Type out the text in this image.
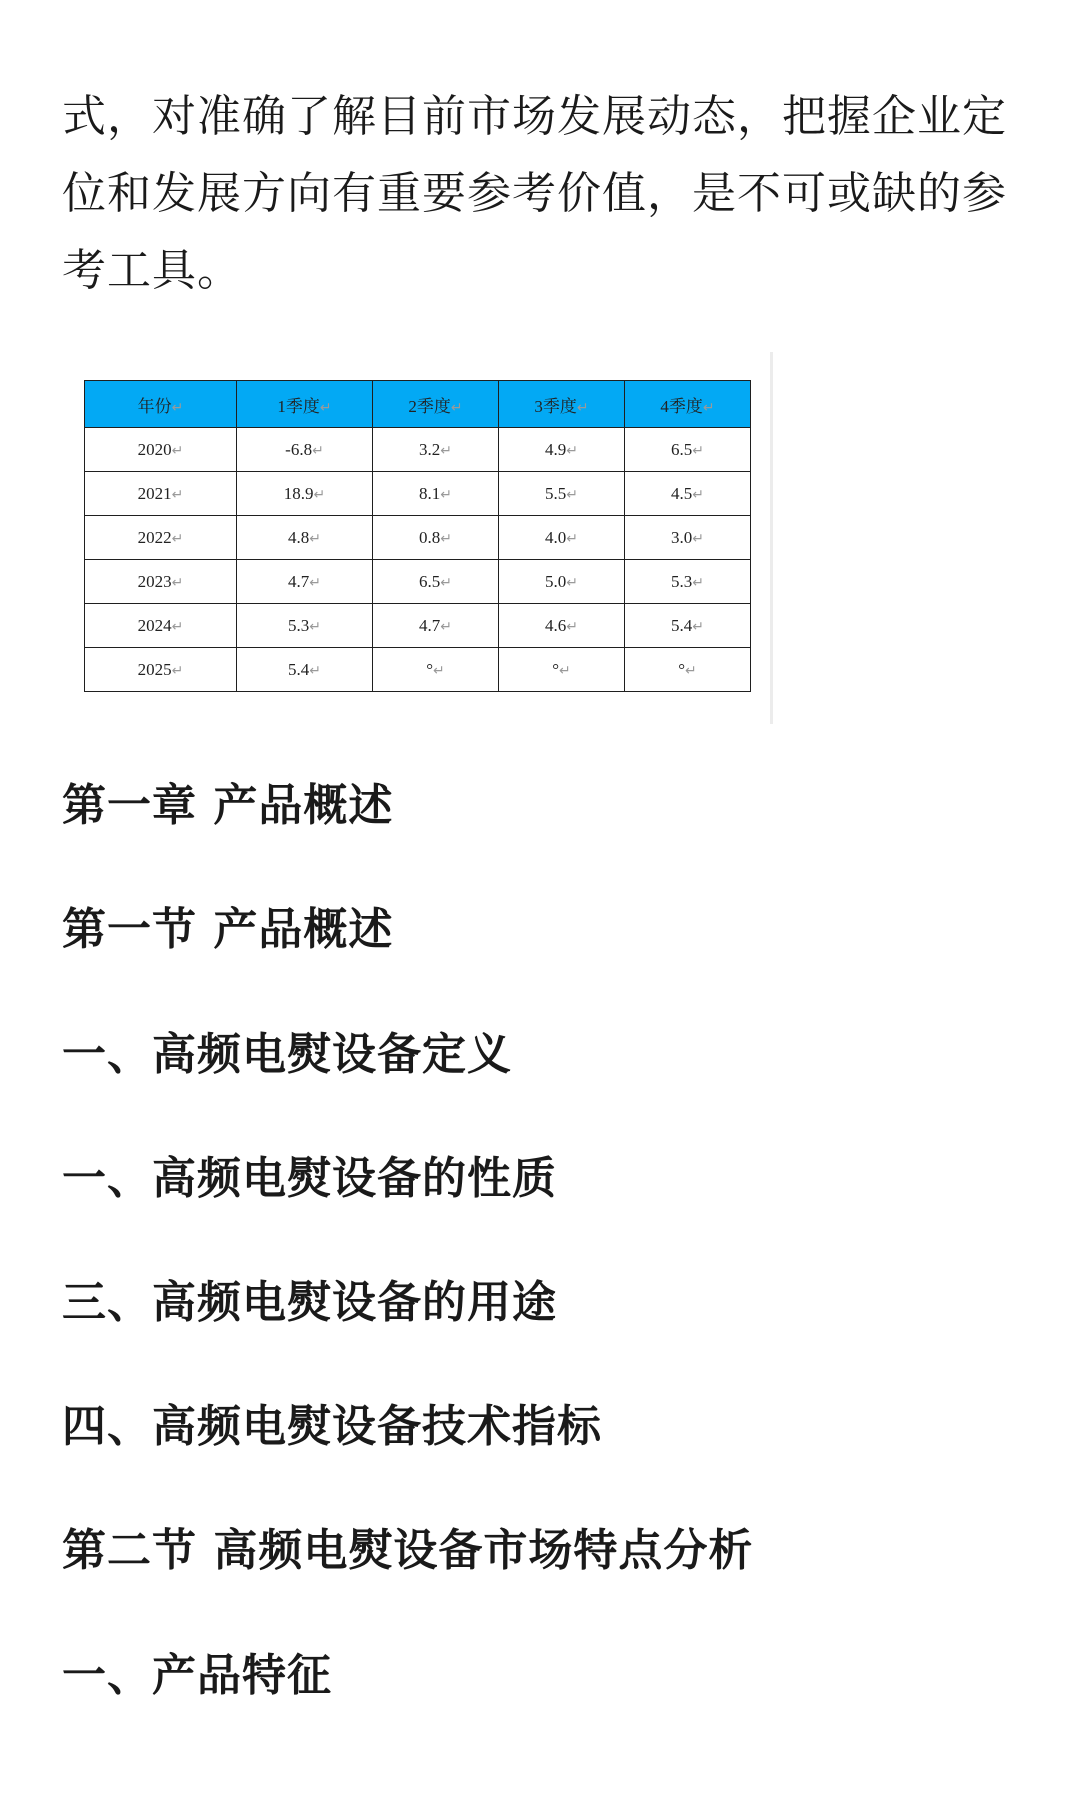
式，对准确了解目前市场发展动态，把握企业定位和发展方向有重要参考价值，是不可或缺的参考工具。

年份↵	1季度↵	2季度↵	3季度↵	4季度↵
2020↵	-6.8↵	3.2↵	4.9↵	6.5↵
2021↵	18.9↵	8.1↵	5.5↵	4.5↵
2022↵	4.8↵	0.8↵	4.0↵	3.0↵
2023↵	4.7↵	6.5↵	5.0↵	5.3↵
2024↵	5.3↵	4.7↵	4.6↵	5.4↵
2025↵	5.4↵	°↵	°↵	°↵
第一章 产品概述
第一节 产品概述
一、高频电熨设备定义
一、高频电熨设备的性质
三、高频电熨设备的用途
四、高频电熨设备技术指标
第二节 高频电熨设备市场特点分析
一、产品特征
